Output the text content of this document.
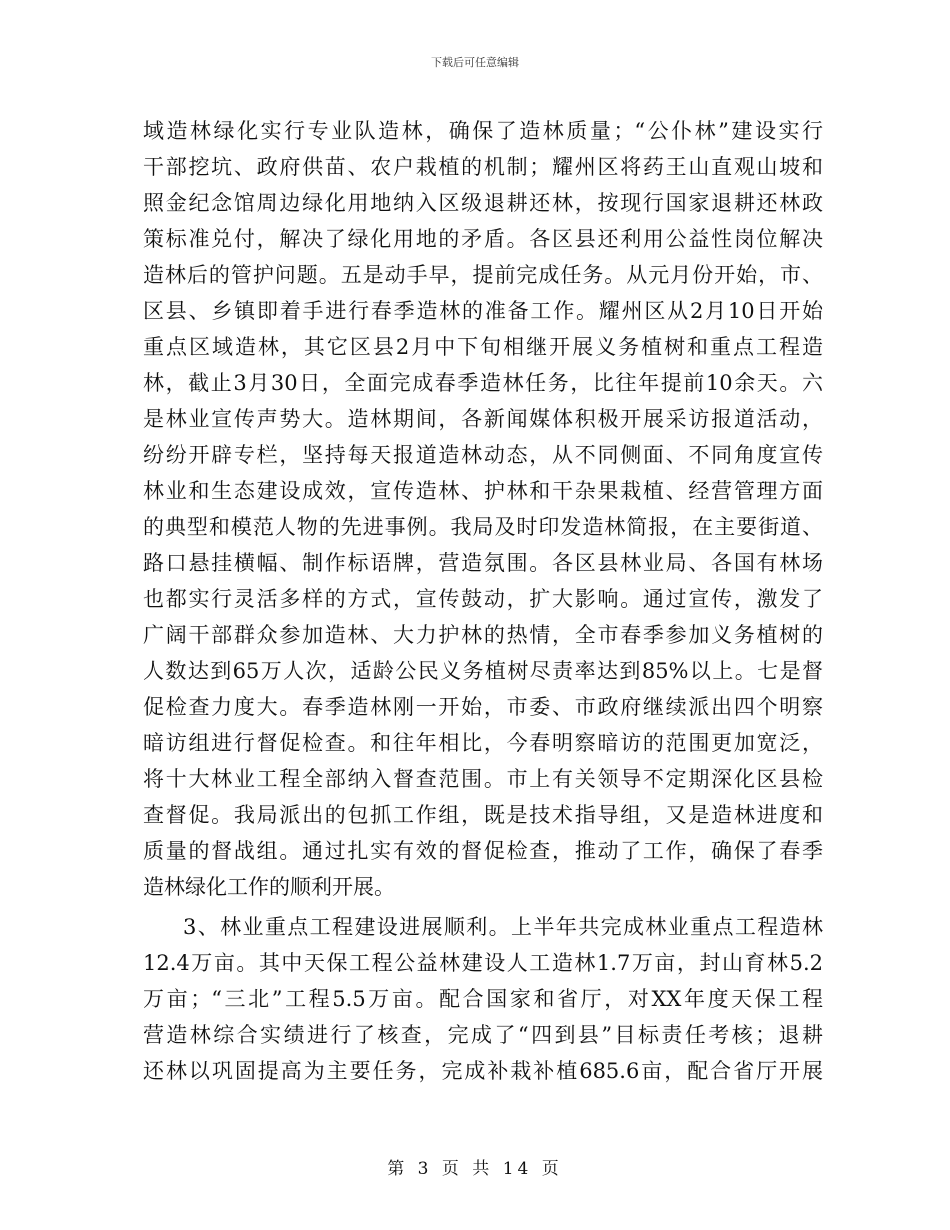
下载后可任意编辑
域造林绿化实行专业队造林，确保了造林质量；“公仆林”建设实行
干部挖坑、政府供苗、农户栽植的机制；耀州区将药王山直观山坡和
照金纪念馆周边绿化用地纳入区级退耕还林，按现行国家退耕还林政
策标准兑付，解决了绿化用地的矛盾。各区县还利用公益性岗位解决
造林后的管护问题。五是动手早，提前完成任务。从元月份开始，市、
区县、乡镇即着手进行春季造林的准备工作。耀州区从2月10日开始
重点区域造林，其它区县2月中下旬相继开展义务植树和重点工程造
林，截止3月30日，全面完成春季造林任务，比往年提前10余天。六
是林业宣传声势大。造林期间，各新闻媒体积极开展采访报道活动，
纷纷开辟专栏，坚持每天报道造林动态，从不同侧面、不同角度宣传
林业和生态建设成效，宣传造林、护林和干杂果栽植、经营管理方面
的典型和模范人物的先进事例。我局及时印发造林简报，在主要街道、
路口悬挂横幅、制作标语牌，营造氛围。各区县林业局、各国有林场
也都实行灵活多样的方式，宣传鼓动，扩大影响。通过宣传，激发了
广阔干部群众参加造林、大力护林的热情，全市春季参加义务植树的
人数达到65万人次，适龄公民义务植树尽责率达到85%以上。七是督
促检查力度大。春季造林刚一开始，市委、市政府继续派出四个明察
暗访组进行督促检查。和往年相比，今春明察暗访的范围更加宽泛，
将十大林业工程全部纳入督查范围。市上有关领导不定期深化区县检
查督促。我局派出的包抓工作组，既是技术指导组，又是造林进度和
质量的督战组。通过扎实有效的督促检查，推动了工作，确保了春季
造林绿化工作的顺利开展。
3、林业重点工程建设进展顺利。上半年共完成林业重点工程造林
12.4万亩。其中天保工程公益林建设人工造林1.7万亩，封山育林5.2
万亩；“三北”工程5.5万亩。配合国家和省厅，对XX年度天保工程
营造林综合实绩进行了核查，完成了“四到县”目标责任考核；退耕
还林以巩固提高为主要任务，完成补栽补植685.6亩，配合省厅开展
第 3 页 共 14 页
